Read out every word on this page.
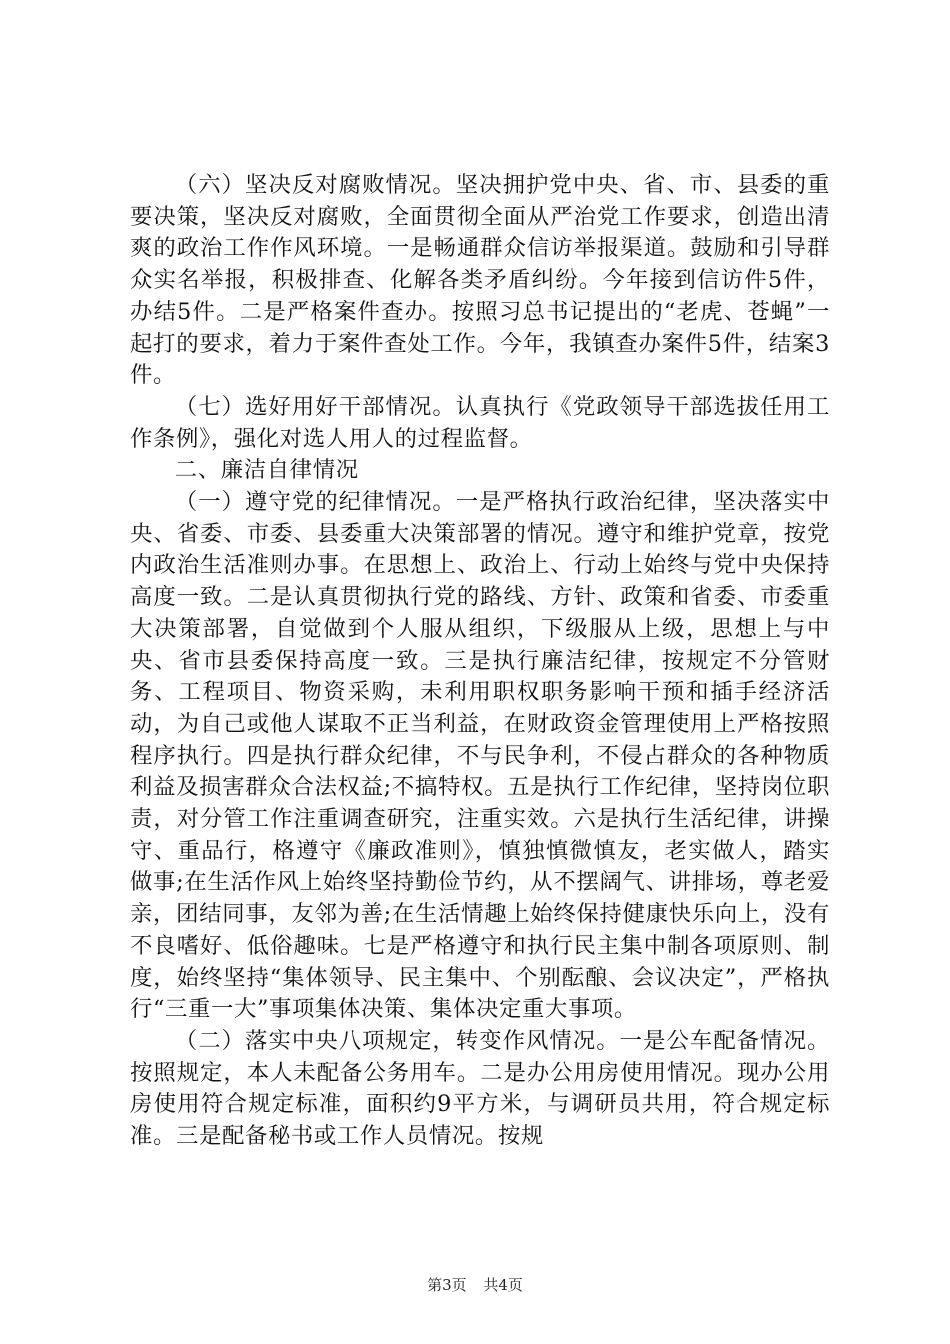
（六）坚决反对腐败情况。坚决拥护党中央、省、市、县委的重要决策，坚决反对腐败，全面贯彻全面从严治党工作要求，创造出清爽的政治工作作风环境。一是畅通群众信访举报渠道。鼓励和引导群众实名举报，积极排查、化解各类矛盾纠纷。今年接到信访件5件，办结5件。二是严格案件查办。按照习总书记提出的“老虎、苍蝇”一起打的要求，着力于案件查处工作。今年，我镇查办案件5件，结案3件。

（七）选好用好干部情况。认真执行《党政领导干部选拔任用工作条例》，强化对选人用人的过程监督。

二、廉洁自律情况

（一）遵守党的纪律情况。一是严格执行政治纪律，坚决落实中央、省委、市委、县委重大决策部署的情况。遵守和维护党章，按党内政治生活准则办事。在思想上、政治上、行动上始终与党中央保持高度一致。二是认真贯彻执行党的路线、方针、政策和省委、市委重大决策部署，自觉做到个人服从组织，下级服从上级，思想上与中央、省市县委保持高度一致。三是执行廉洁纪律，按规定不分管财务、工程项目、物资采购，未利用职权职务影响干预和插手经济活动，为自己或他人谋取不正当利益，在财政资金管理使用上严格按照程序执行。四是执行群众纪律，不与民争利，不侵占群众的各种物质利益及损害群众合法权益;不搞特权。五是执行工作纪律，坚持岗位职责，对分管工作注重调查研究，注重实效。六是执行生活纪律，讲操守、重品行，格遵守《廉政准则》，慎独慎微慎友，老实做人，踏实做事;在生活作风上始终坚持勤俭节约，从不摆阔气、讲排场，尊老爱亲，团结同事，友邻为善;在生活情趣上始终保持健康快乐向上，没有不良嗜好、低俗趣味。七是严格遵守和执行民主集中制各项原则、制度，始终坚持“集体领导、民主集中、个别酝酿、会议决定”，严格执行“三重一大”事项集体决策、集体决定重大事项。

（二）落实中央八项规定，转变作风情况。一是公车配备情况。按照规定，本人未配备公务用车。二是办公用房使用情况。现办公用房使用符合规定标准，面积约9平方米，与调研员共用，符合规定标准。三是配备秘书或工作人员情况。按规

第3页 共4页
